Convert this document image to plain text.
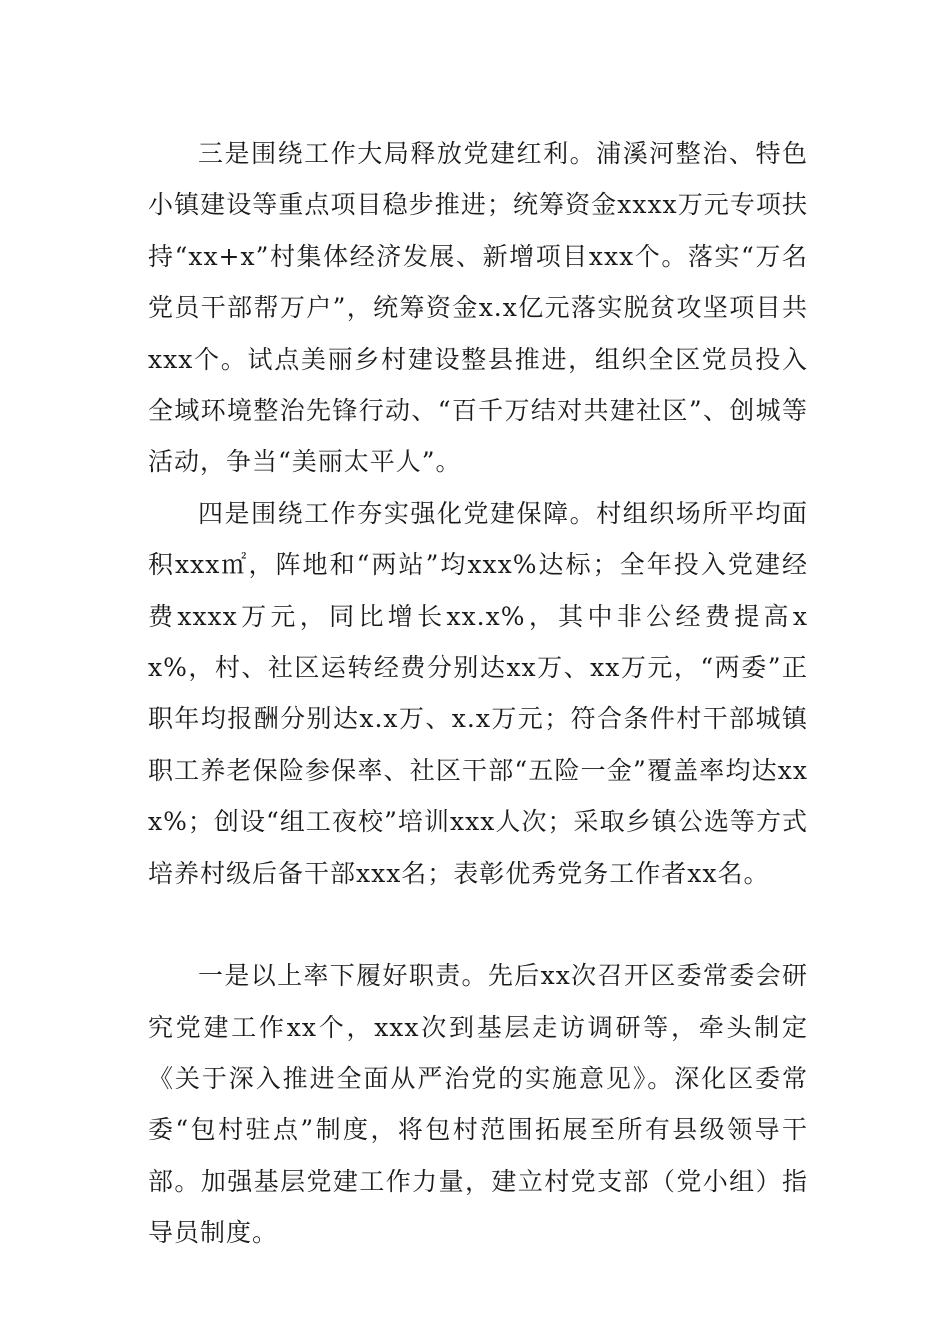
三是围绕工作大局释放党建红利。浦溪河整治、特色小镇建设等重点项目稳步推进；统筹资金xxxx万元专项扶持“xx+x”村集体经济发展、新增项目xxx个。落实“万名党员干部帮万户”，统筹资金x.x亿元落实脱贫攻坚项目共xxx个。试点美丽乡村建设整县推进，组织全区党员投入全域环境整治先锋行动、“百千万结对共建社区”、创城等活动，争当“美丽太平人”。

四是围绕工作夯实强化党建保障。村组织场所平均面积xxx㎡，阵地和“两站”均xxx%达标；全年投入党建经费xxxx万元，同比增长xx.x%，其中非公经费提高xx%，村、社区运转经费分别达xx万、xx万元，“两委”正职年均报酬分别达x.x万、x.x万元；符合条件村干部城镇职工养老保险参保率、社区干部“五险一金”覆盖率均达xxx%；创设“组工夜校”培训xxx人次；采取乡镇公选等方式培养村级后备干部xxx名；表彰优秀党务工作者xx名。

一是以上率下履好职责。先后xx次召开区委常委会研究党建工作xx个，xxx次到基层走访调研等，牵头制定《关于深入推进全面从严治党的实施意见》。深化区委常委“包村驻点”制度，将包村范围拓展至所有县级领导干部。加强基层党建工作力量，建立村党支部（党小组）指导员制度。
